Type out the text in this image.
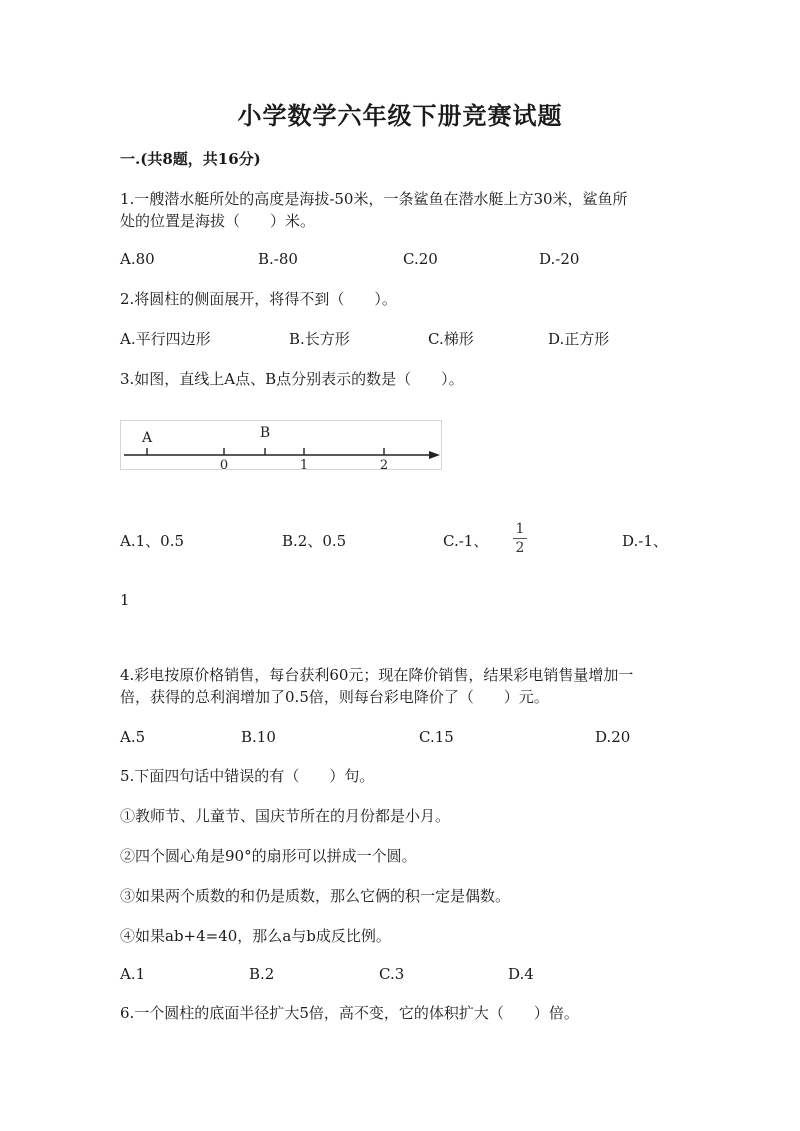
小学数学六年级下册竞赛试题
一.(共8题，共16分)
1.一艘潜水艇所处的高度是海拔-50米，一条鲨鱼在潜水艇上方30米，鲨鱼所
处的位置是海拔（　　）米。
A.80	B.-80	C.20	D.-20
2.将圆柱的侧面展开，将得不到（　　）。
A.平行四边形	B.长方形	C.梯形	D.正方形
3.如图，直线上A点、B点分别表示的数是（　　）。
A	B
0	1	2
A.1、0.5	B.2、0.5	C.-1、
1
2	D.-1、
1
4.彩电按原价格销售，每台获利60元；现在降价销售，结果彩电销售量增加一
倍，获得的总利润增加了0.5倍，则每台彩电降价了（　　）元。
A.5	B.10	C.15	D.20
5.下面四句话中错误的有（　　）句。
①教师节、儿童节、国庆节所在的月份都是小月。
②四个圆心角是90°的扇形可以拼成一个圆。
③如果两个质数的和仍是质数，那么它俩的积一定是偶数。
④如果ab+4=40，那么a与b成反比例。
A.1	B.2	C.3	D.4
6.一个圆柱的底面半径扩大5倍，高不变，它的体积扩大（　　）倍。
